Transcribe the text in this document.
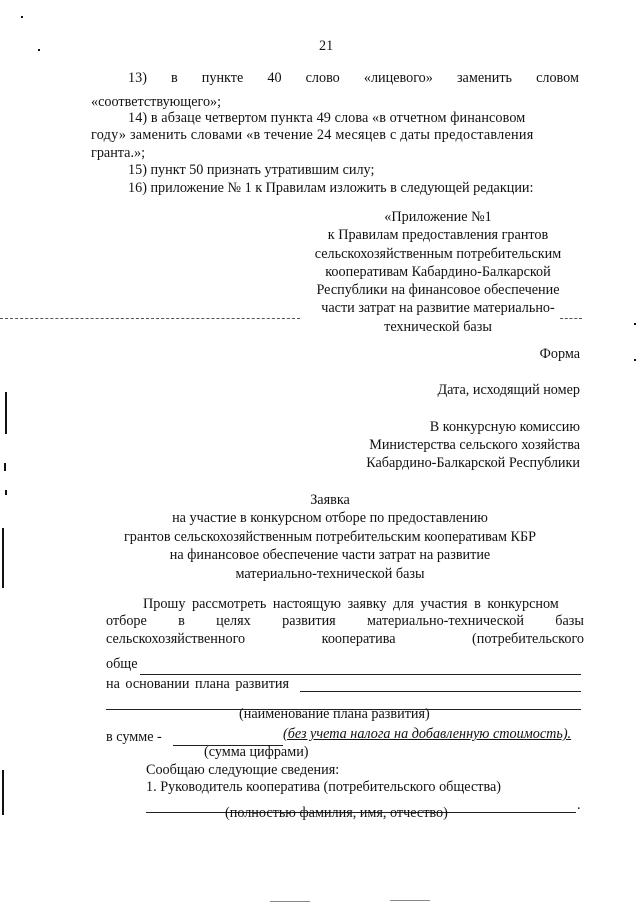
21
13) в пункте 40 слово «лицевого» заменить словом
«соответствующего»;
14) в абзаце четвертом пункта 49 слова «в отчетном финансовом
году» заменить словами «в течение 24 месяцев с даты предоставления
гранта.»;
15) пункт 50 признать утратившим силу;
16) приложение № 1 к Правилам изложить в следующей редакции:
«Приложение №1
к Правилам предоставления грантов
сельскохозяйственным потребительским
кооперативам Кабардино-Балкарской
Республики на финансовое обеспечение
части затрат на развитие материально-
технической базы
Форма
Дата, исходящий номер
В конкурсную комиссию
Министерства сельского хозяйства
Кабардино-Балкарской Республики
Заявка
на участие в конкурсном отборе по предоставлению
грантов сельскохозяйственным потребительским кооперативам КБР
на финансовое обеспечение части затрат на развитие
материально-технической базы
Прошу рассмотреть настоящую заявку для участия в конкурсном
отборе в целях развития материально-технической базы
сельскохозяйственного	кооператива	(потребительского
обще
на основании плана развития
(наименование плана развития)
в сумме -	(без учета налога на добавленную стоимость).
(сумма цифрами)
Сообщаю следующие сведения:
1. Руководитель кооператива (потребительского общества)
.
(полностью фамилия, имя, отчество)
